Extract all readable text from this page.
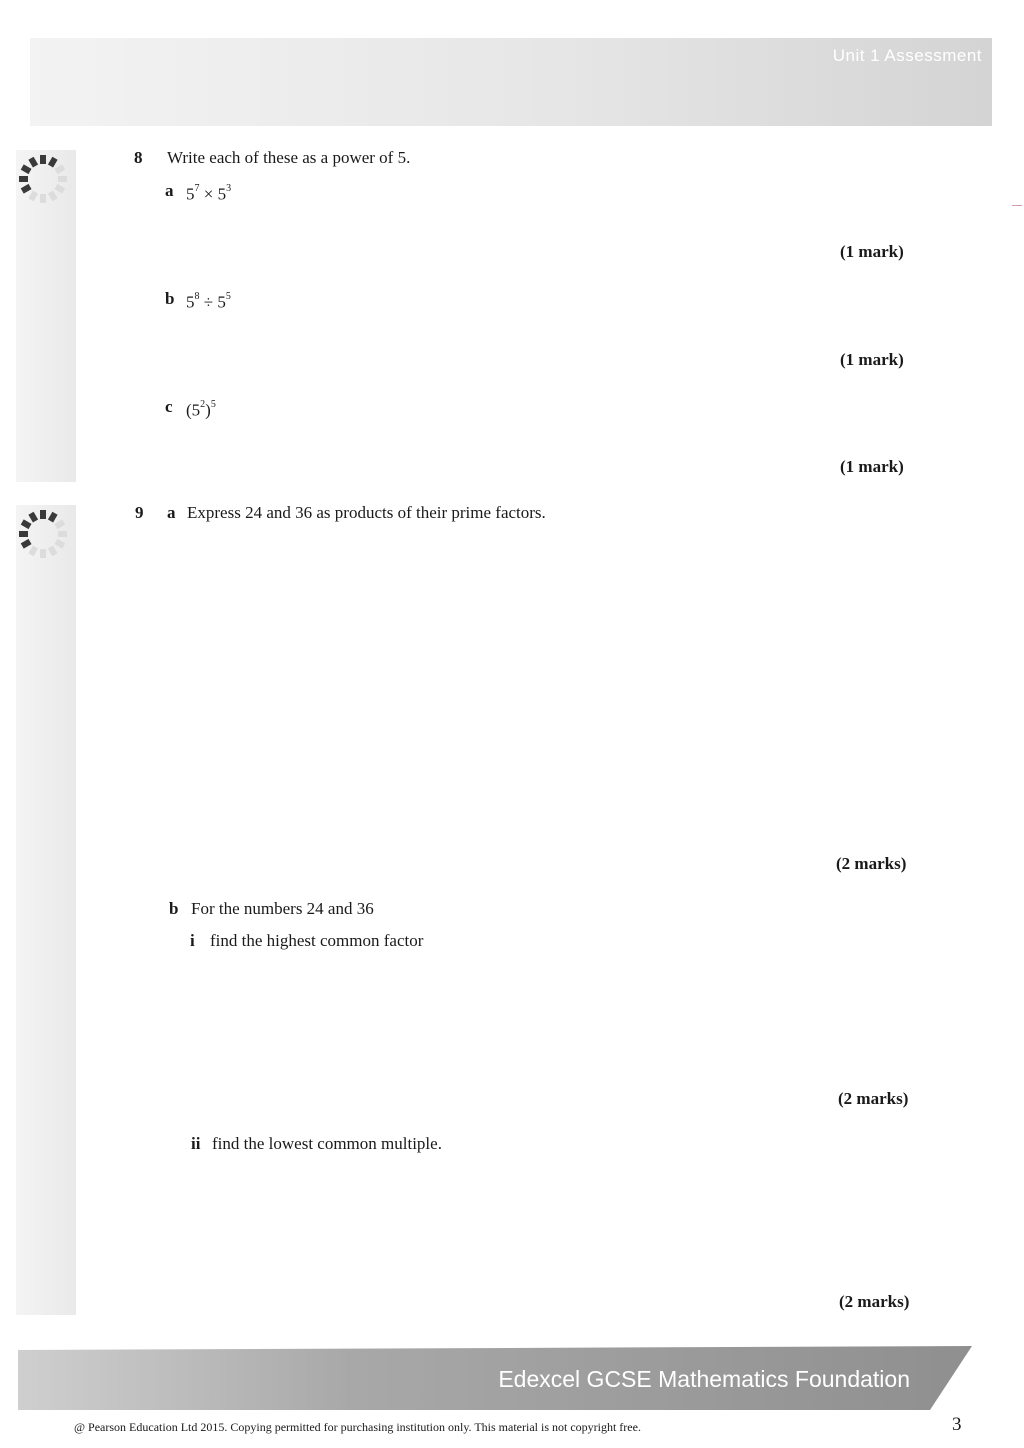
Unit 1 Assessment
8 Write each of these as a power of 5.
a $5^7 \times 5^3$
(1 mark)
b $5^8 \div 5^5$
(1 mark)
c $(5^2)^5$
(1 mark)
9 a Express 24 and 36 as products of their prime factors.
(2 marks)
b For the numbers 24 and 36
i find the highest common factor
(2 marks)
ii find the lowest common multiple.
(2 marks)
Edexcel GCSE Mathematics Foundation
@ Pearson Education Ltd 2015. Copying permitted for purchasing institution only. This material is not copyright free.	3
